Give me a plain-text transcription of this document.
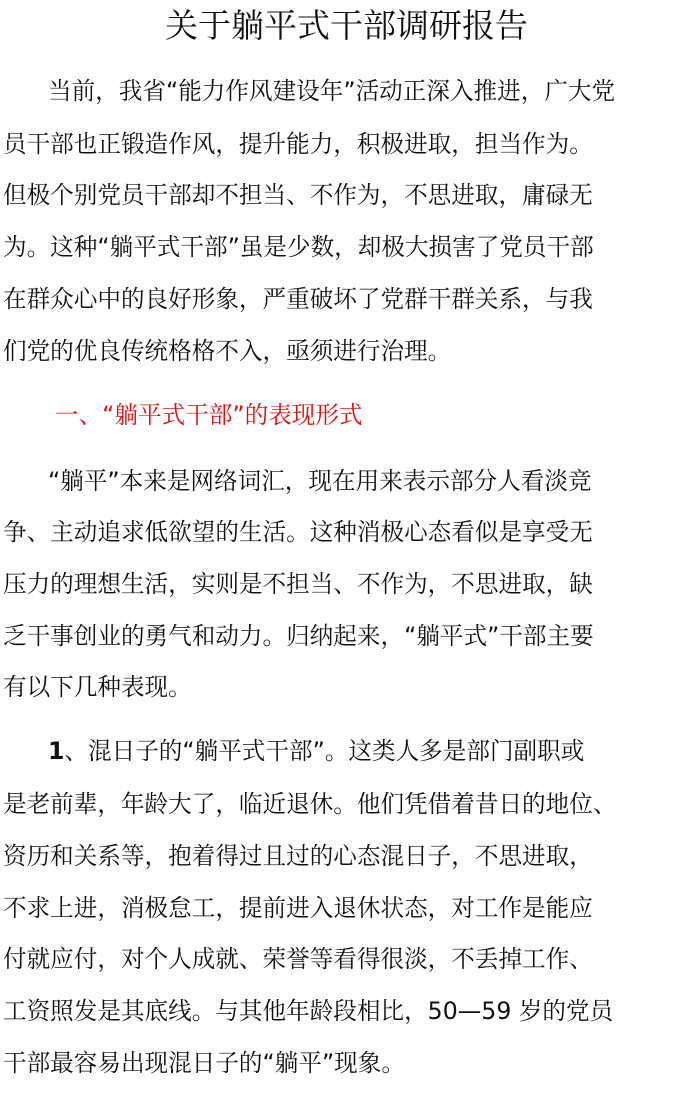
关于躺平式干部调研报告
当前，我省“能力作风建设年”活动正深入推进，广大党
员干部也正锻造作风，提升能力，积极进取，担当作为。
但极个别党员干部却不担当、不作为，不思进取，庸碌无
为。这种“躺平式干部”虽是少数，却极大损害了党员干部
在群众心中的良好形象，严重破坏了党群干群关系，与我
们党的优良传统格格不入，亟须进行治理。
一、“躺平式干部”的表现形式
“躺平”本来是网络词汇，现在用来表示部分人看淡竞
争、主动追求低欲望的生活。这种消极心态看似是享受无
压力的理想生活，实则是不担当、不作为，不思进取，缺
乏干事创业的勇气和动力。归纳起来，“躺平式”干部主要
有以下几种表现。
1、混日子的“躺平式干部”。这类人多是部门副职或
是老前辈，年龄大了，临近退休。他们凭借着昔日的地位、
资历和关系等，抱着得过且过的心态混日子，不思进取，
不求上进，消极怠工，提前进入退休状态，对工作是能应
付就应付，对个人成就、荣誉等看得很淡，不丢掉工作、
工资照发是其底线。与其他年龄段相比，50—59 岁的党员
干部最容易出现混日子的“躺平”现象。
